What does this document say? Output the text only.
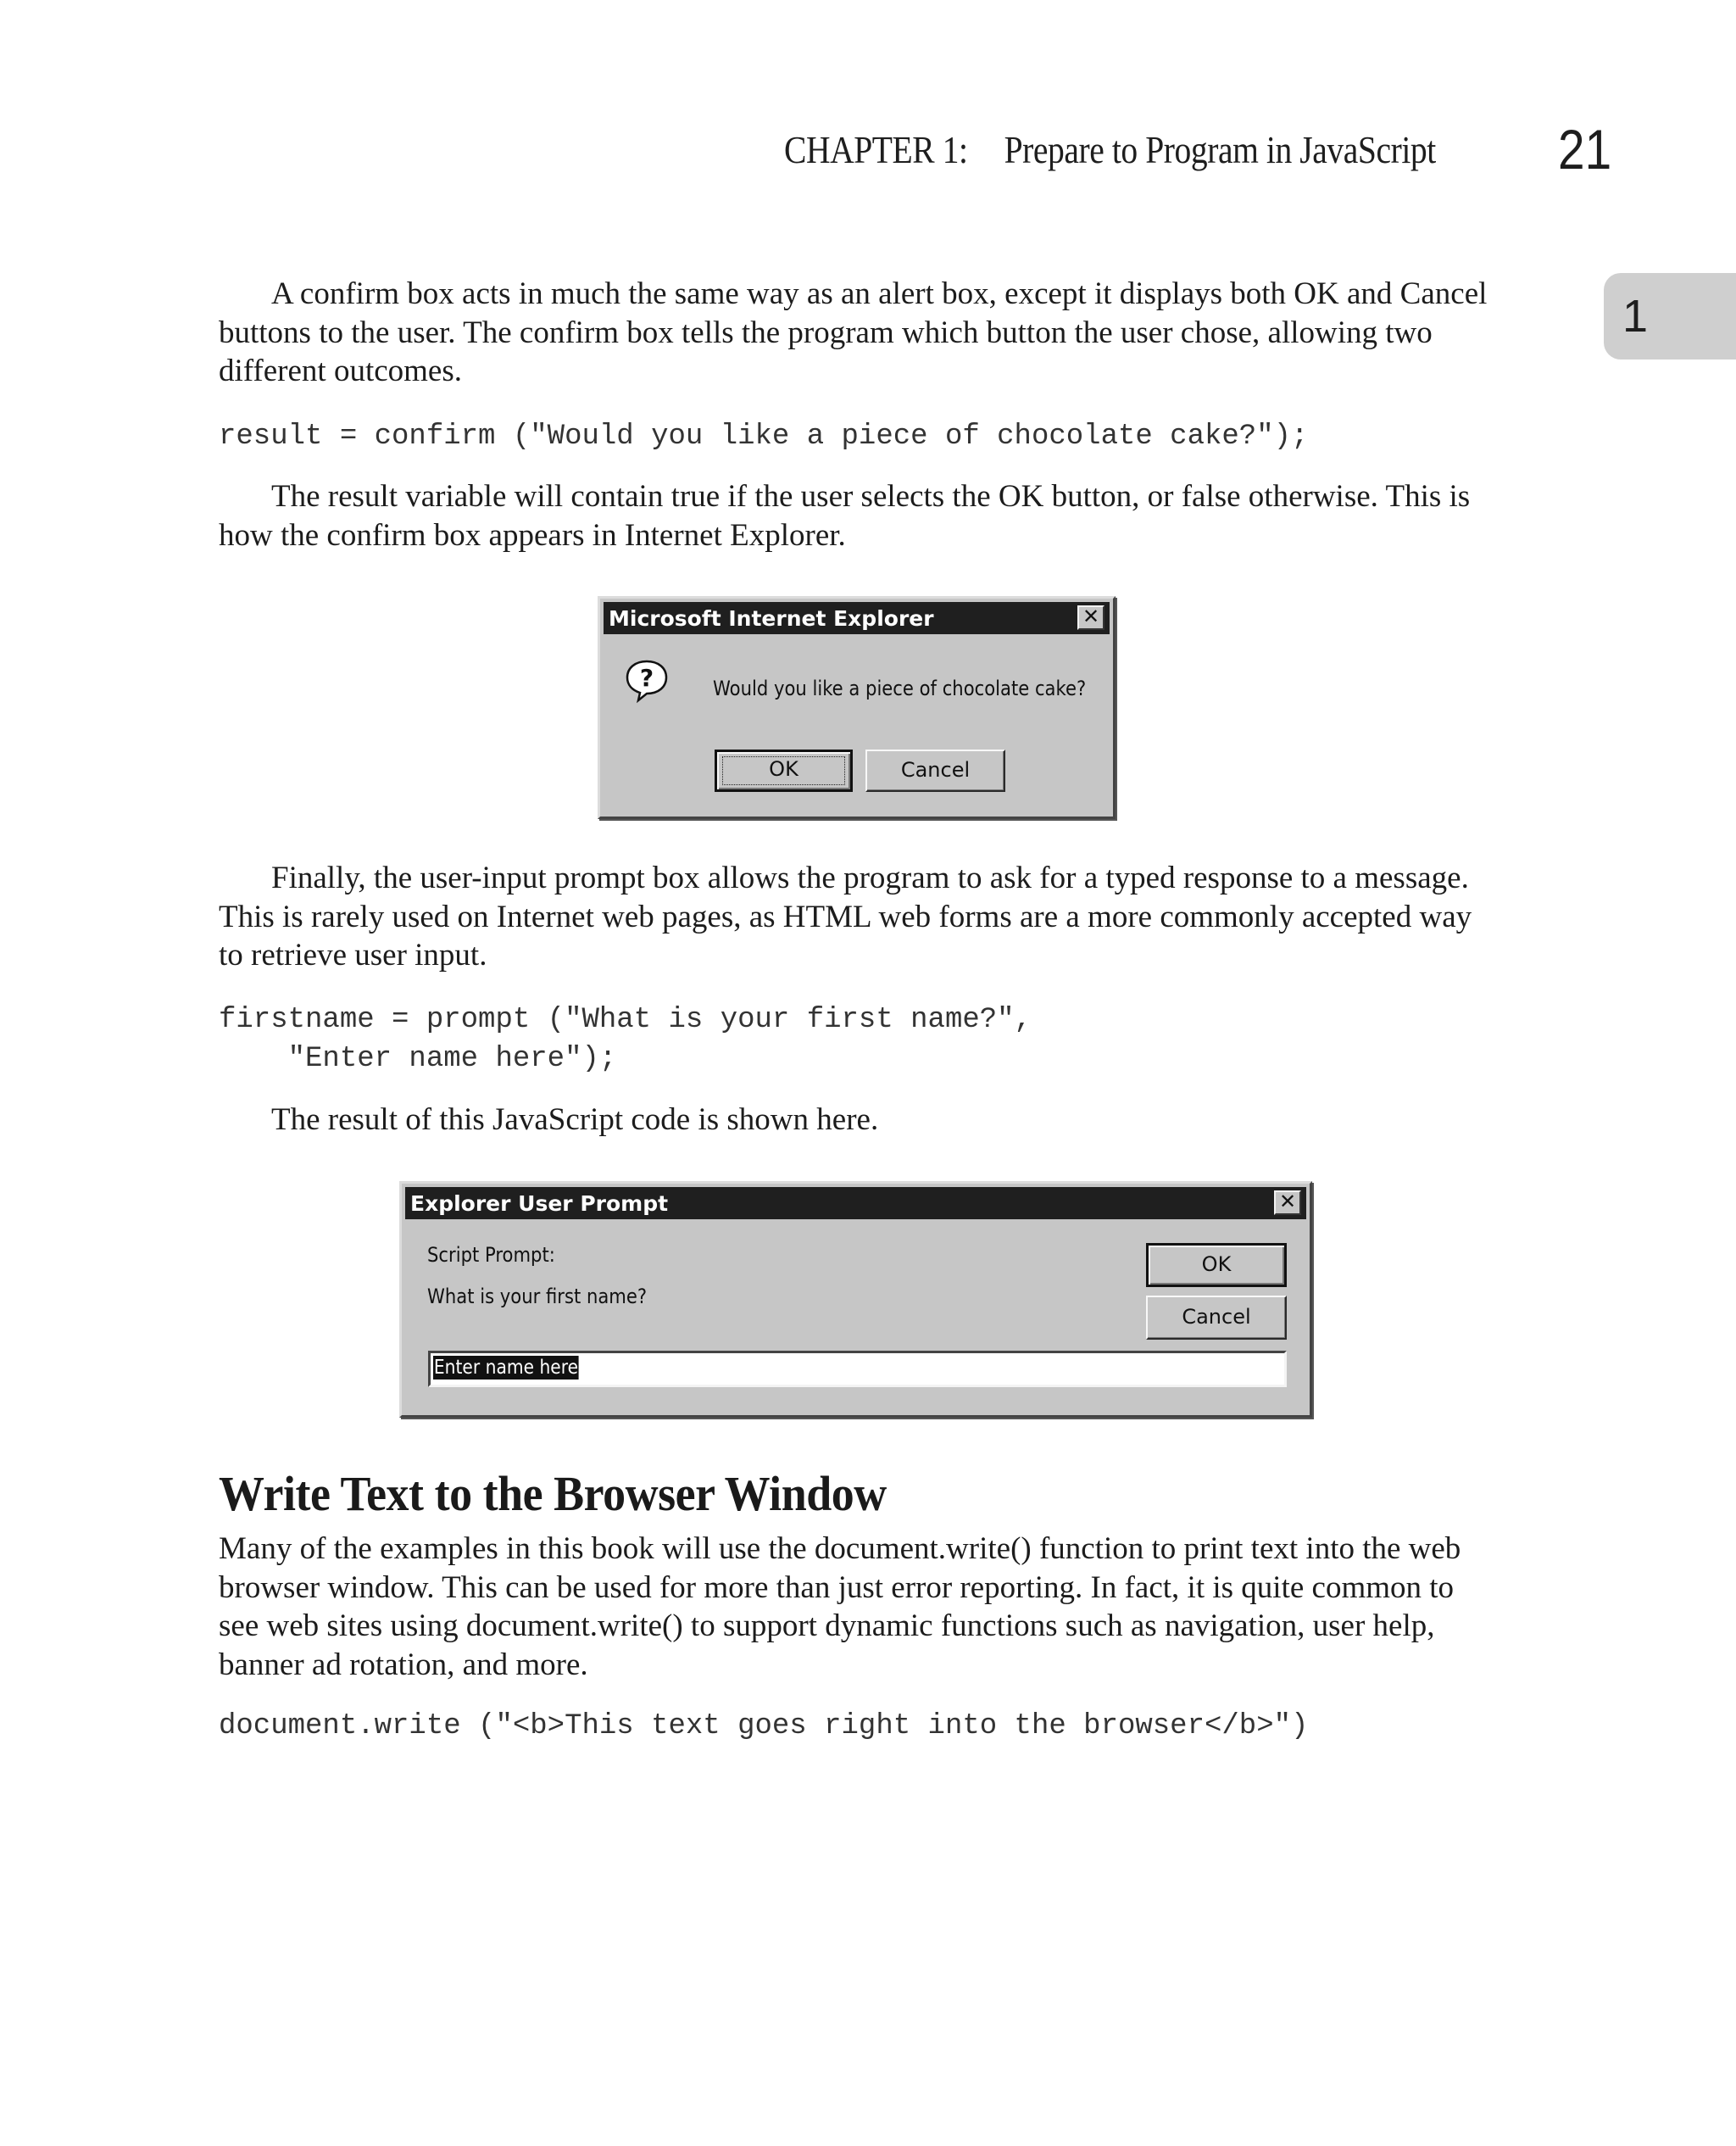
CHAPTER 1: Prepare to Program in JavaScript 21
1

A confirm box acts in much the same way as an alert box, except it displays both OK and Cancel buttons to the user. The confirm box tells the program which button the user chose, allowing two different outcomes.

result = confirm ("Would you like a piece of chocolate cake?");

The result variable will contain true if the user selects the OK button, or false otherwise. This is how the confirm box appears in Internet Explorer.

Microsoft Internet Explorer	✕
?	Would you like a piece of chocolate cake?
OK	Cancel

Finally, the user-input prompt box allows the program to ask for a typed response to a message. This is rarely used on Internet web pages, as HTML web forms are a more commonly accepted way to retrieve user input.

firstname = prompt ("What is your first name?",
"Enter name here");

The result of this JavaScript code is shown here.

Explorer User Prompt	✕
Script Prompt:
What is your first name?
OK
Cancel
Enter name here
Write Text to the Browser Window

Many of the examples in this book will use the document.write() function to print text into the web browser window. This can be used for more than just error reporting. In fact, it is quite common to see web sites using document.write() to support dynamic functions such as navigation, user help, banner ad rotation, and more.

document.write ("<b>This text goes right into the browser</b>")
